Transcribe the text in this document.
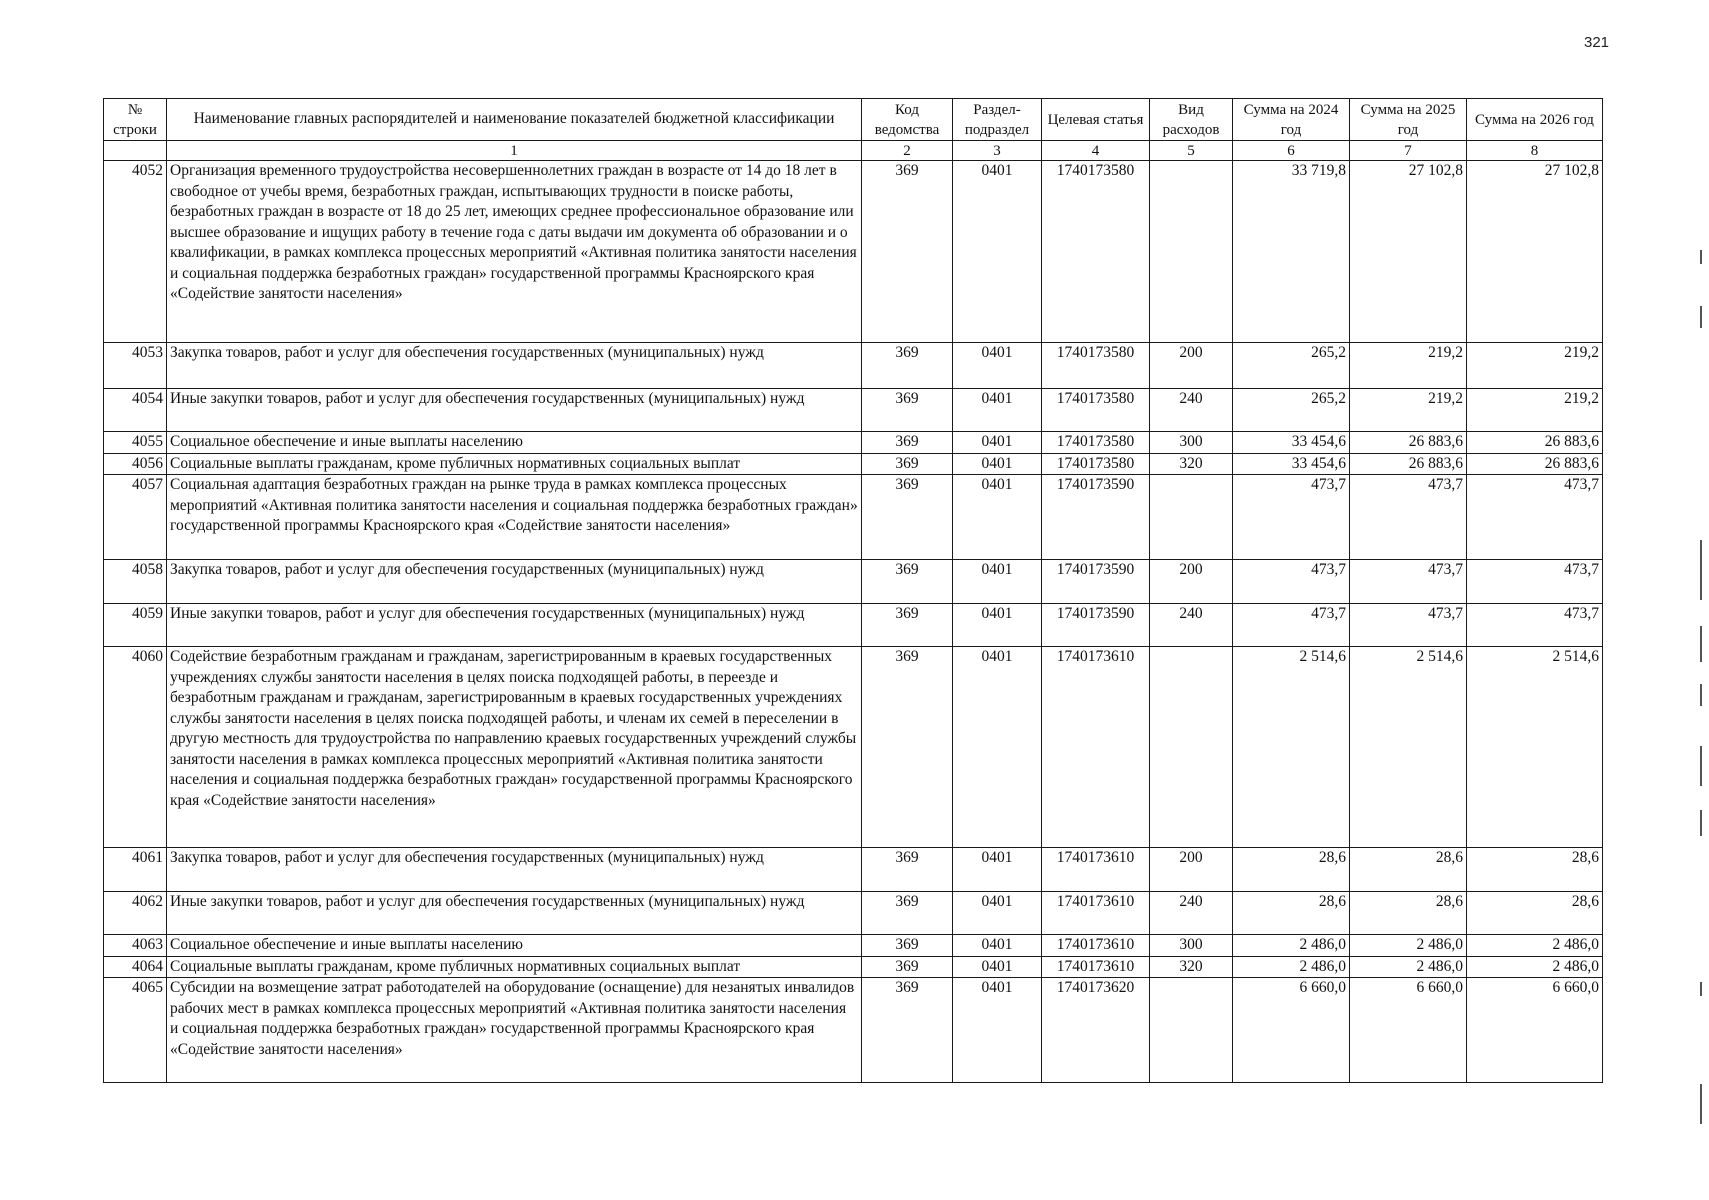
321
№ строки	Наименование главных распорядителей и наименование показателей бюджетной классификации	Код ведомства	Раздел-подраздел	Целевая статья	Вид расходов	Сумма на 2024 год	Сумма на 2025 год	Сумма на 2026 год
	1	2	3	4	5	6	7	8
4052	Организация временного трудоустройства несовершеннолетних граждан в возрасте от 14 до 18 лет в свободное от учебы время, безработных граждан, испытывающих трудности в поиске работы, безработных граждан в возрасте от 18 до 25 лет, имеющих среднее профессиональное образование или высшее образование и ищущих работу в течение года с даты выдачи им документа об образовании и о квалификации, в рамках комплекса процессных мероприятий «Активная политика занятости населения и социальная поддержка безработных граждан» государственной программы Красноярского края «Содействие занятости населения»	369	0401	1740173580		33 719,8	27 102,8	27 102,8
4053	Закупка товаров, работ и услуг для обеспечения государственных (муниципальных) нужд	369	0401	1740173580	200	265,2	219,2	219,2
4054	Иные закупки товаров, работ и услуг для обеспечения государственных (муниципальных) нужд	369	0401	1740173580	240	265,2	219,2	219,2
4055	Социальное обеспечение и иные выплаты населению	369	0401	1740173580	300	33 454,6	26 883,6	26 883,6
4056	Социальные выплаты гражданам, кроме публичных нормативных социальных выплат	369	0401	1740173580	320	33 454,6	26 883,6	26 883,6
4057	Социальная адаптация безработных граждан на рынке труда в рамках комплекса процессных мероприятий «Активная политика занятости населения и социальная поддержка безработных граждан» государственной программы Красноярского края «Содействие занятости населения»	369	0401	1740173590		473,7	473,7	473,7
4058	Закупка товаров, работ и услуг для обеспечения государственных (муниципальных) нужд	369	0401	1740173590	200	473,7	473,7	473,7
4059	Иные закупки товаров, работ и услуг для обеспечения государственных (муниципальных) нужд	369	0401	1740173590	240	473,7	473,7	473,7
4060	Содействие безработным гражданам и гражданам, зарегистрированным в краевых государственных учреждениях службы занятости населения в целях поиска подходящей работы, в переезде и безработным гражданам и гражданам, зарегистрированным в краевых государственных учреждениях службы занятости населения в целях поиска подходящей работы, и членам их семей в переселении в другую местность для трудоустройства по направлению краевых государственных учреждений службы занятости населения в рамках комплекса процессных мероприятий «Активная политика занятости населения и социальная поддержка безработных граждан» государственной программы Красноярского края «Содействие занятости населения»	369	0401	1740173610		2 514,6	2 514,6	2 514,6
4061	Закупка товаров, работ и услуг для обеспечения государственных (муниципальных) нужд	369	0401	1740173610	200	28,6	28,6	28,6
4062	Иные закупки товаров, работ и услуг для обеспечения государственных (муниципальных) нужд	369	0401	1740173610	240	28,6	28,6	28,6
4063	Социальное обеспечение и иные выплаты населению	369	0401	1740173610	300	2 486,0	2 486,0	2 486,0
4064	Социальные выплаты гражданам, кроме публичных нормативных социальных выплат	369	0401	1740173610	320	2 486,0	2 486,0	2 486,0
4065	Субсидии на возмещение затрат работодателей на оборудование (оснащение) для незанятых инвалидов рабочих мест в рамках комплекса процессных мероприятий «Активная политика занятости населения и социальная поддержка безработных граждан» государственной программы Красноярского края «Содействие занятости населения»	369	0401	1740173620		6 660,0	6 660,0	6 660,0
